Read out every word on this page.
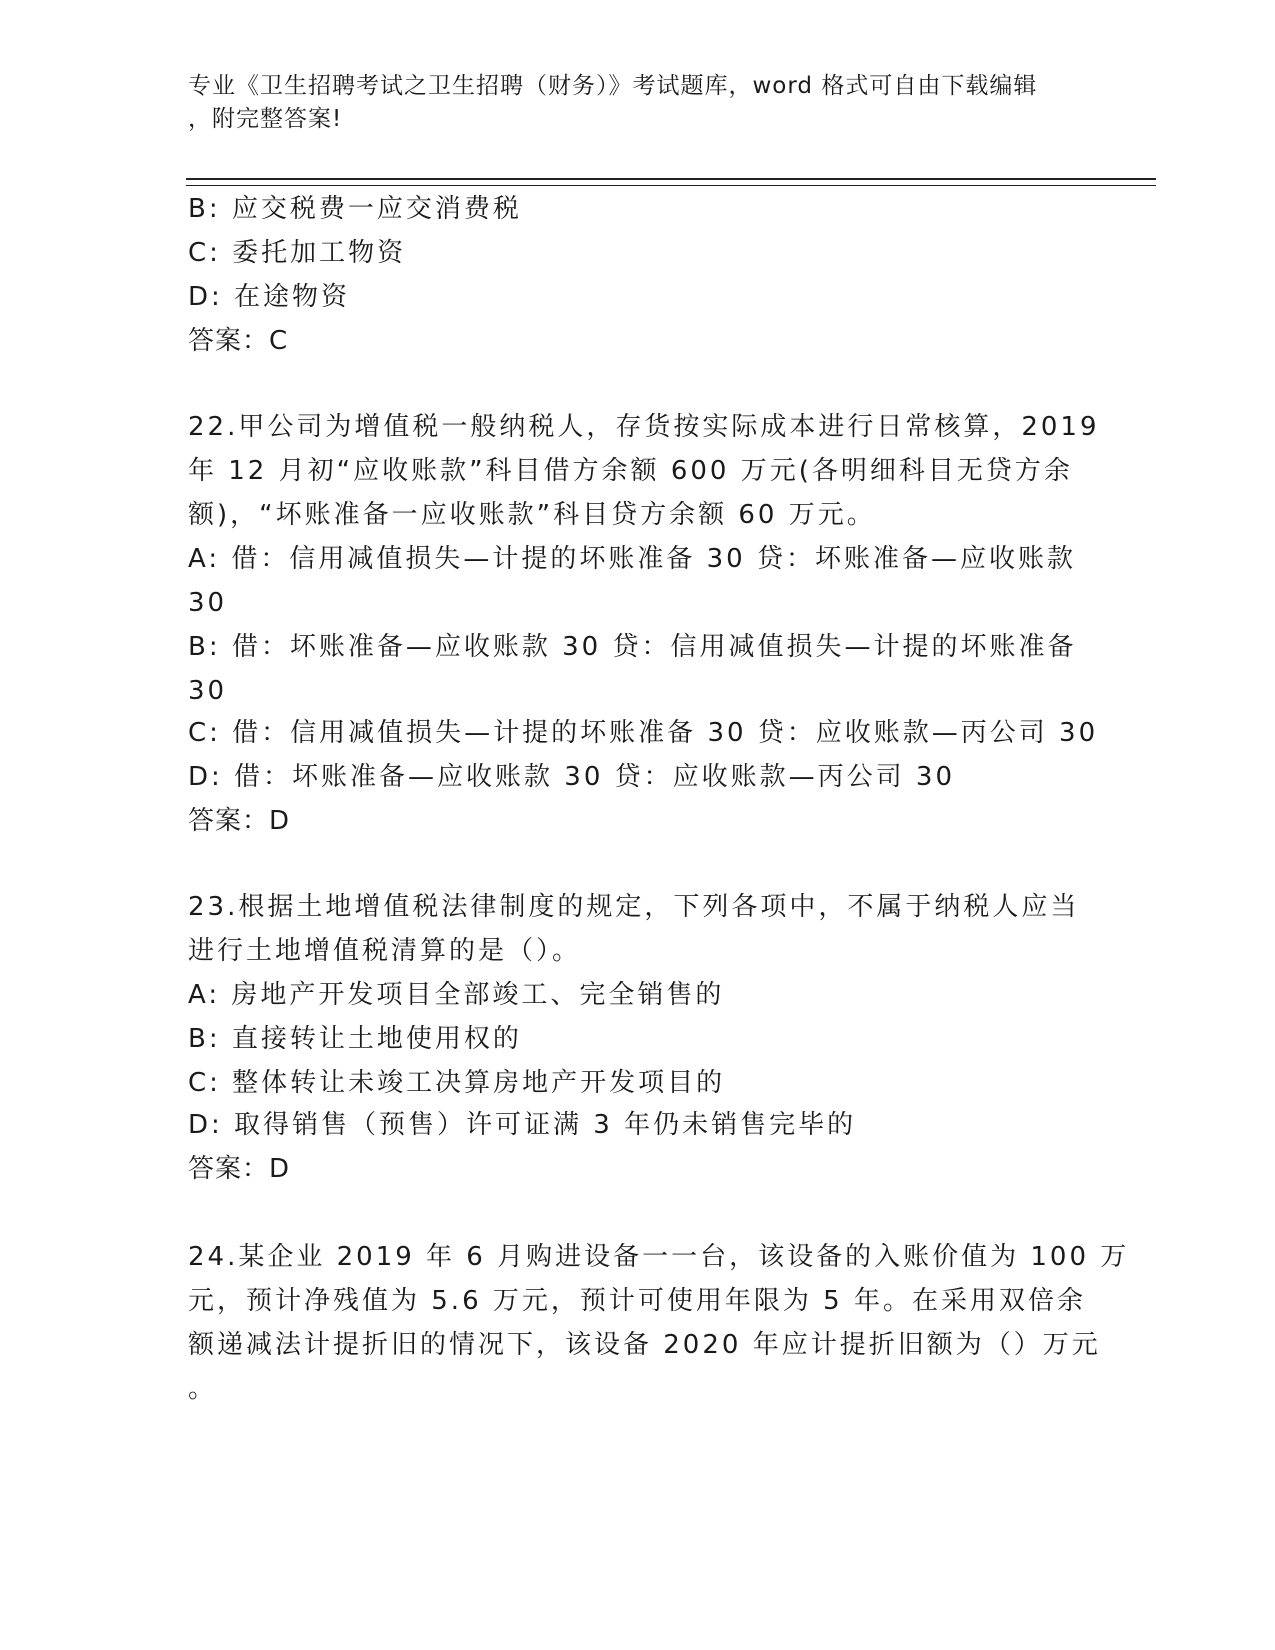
专业《卫生招聘考试之卫生招聘（财务）》考试题库，word 格式可自由下载编辑
，附完整答案!
B: 应交税费一应交消费税
C: 委托加工物资
D: 在途物资
答案：C
22.甲公司为增值税一般纳税人，存货按实际成本进行日常核算，2019
年 12 月初“应收账款”科目借方余额 600 万元(各明细科目无贷方余
额)，“坏账准备一应收账款”科目贷方余额 60 万元。
A: 借：信用减值损失—计提的坏账准备 30 贷：坏账准备—应收账款
30
B: 借：坏账准备—应收账款 30 贷：信用减值损失—计提的坏账准备
30
C: 借：信用减值损失—计提的坏账准备 30 贷：应收账款—丙公司 30
D: 借：坏账准备—应收账款 30 贷：应收账款—丙公司 30
答案：D
23.根据土地增值税法律制度的规定，下列各项中，不属于纳税人应当
进行土地增值税清算的是（）。
A: 房地产开发项目全部竣工、完全销售的
B: 直接转让土地使用权的
C: 整体转让未竣工决算房地产开发项目的
D: 取得销售（预售）许可证满 3 年仍未销售完毕的
答案：D
24.某企业 2019 年 6 月购进设备一一台，该设备的入账价值为 100 万
元，预计净残值为 5.6 万元，预计可使用年限为 5 年。在采用双倍余
额递减法计提折旧的情况下，该设备 2020 年应计提折旧额为（）万元
。
